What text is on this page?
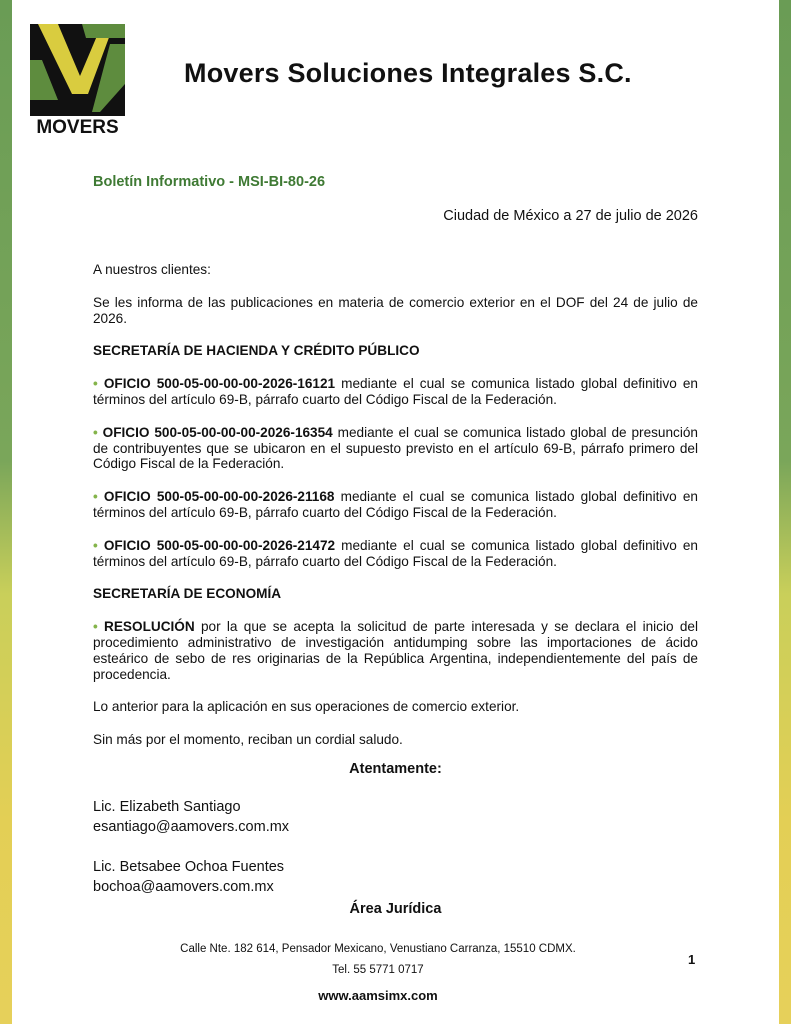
MOVERS
Movers Soluciones Integrales S.C.
Boletín Informativo - MSI-BI-80-26
Ciudad de México a 27 de julio de 2026

A nuestros clientes:

Se les informa de las publicaciones en materia de comercio exterior en el DOF del 24 de julio de 2026.

SECRETARÍA DE HACIENDA Y CRÉDITO PÚBLICO

• OFICIO 500-05-00-00-00-2026-16121 mediante el cual se comunica listado global definitivo en términos del artículo 69-B, párrafo cuarto del Código Fiscal de la Federación.

• OFICIO 500-05-00-00-00-2026-16354 mediante el cual se comunica listado global de presunción de contribuyentes que se ubicaron en el supuesto previsto en el artículo 69-B, párrafo primero del Código Fiscal de la Federación.

• OFICIO 500-05-00-00-00-2026-21168 mediante el cual se comunica listado global definitivo en términos del artículo 69-B, párrafo cuarto del Código Fiscal de la Federación.

• OFICIO 500-05-00-00-00-2026-21472 mediante el cual se comunica listado global definitivo en términos del artículo 69-B, párrafo cuarto del Código Fiscal de la Federación.

SECRETARÍA DE ECONOMÍA

• RESOLUCIÓN por la que se acepta la solicitud de parte interesada y se declara el inicio del procedimiento administrativo de investigación antidumping sobre las importaciones de ácido esteárico de sebo de res originarias de la República Argentina, independientemente del país de procedencia.

Lo anterior para la aplicación en sus operaciones de comercio exterior.

Sin más por el momento, reciban un cordial saludo.

Atentamente:
Lic. Elizabeth Santiago
esantiago@aamovers.com.mx
Lic. Betsabee Ochoa Fuentes
bochoa@aamovers.com.mx
Área Jurídica
Calle Nte. 182 614, Pensador Mexicano, Venustiano Carranza, 15510 CDMX.
Tel. 55 5771 0717
www.aamsimx.com
1
